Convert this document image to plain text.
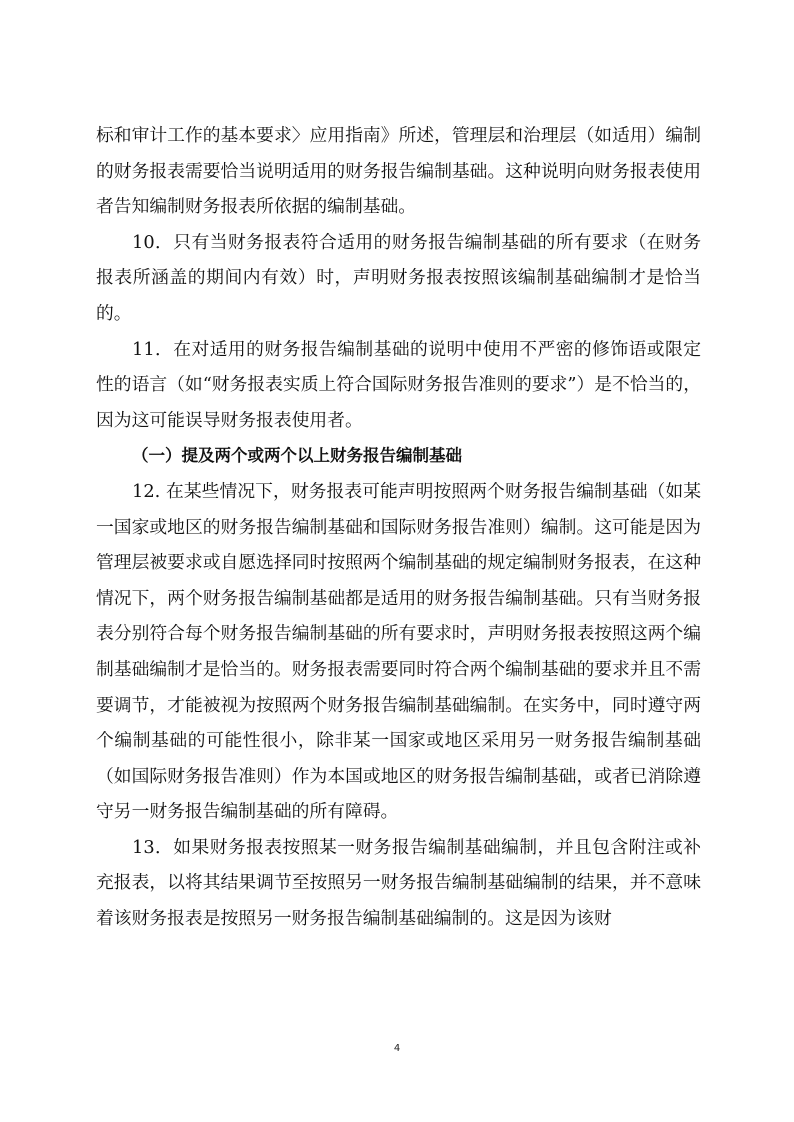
标和审计工作的基本要求〉应用指南》所述，管理层和治理层（如适用）编制的财务报表需要恰当说明适用的财务报告编制基础。这种说明向财务报表使用者告知编制财务报表所依据的编制基础。

10．只有当财务报表符合适用的财务报告编制基础的所有要求（在财务报表所涵盖的期间内有效）时，声明财务报表按照该编制基础编制才是恰当的。

11．在对适用的财务报告编制基础的说明中使用不严密的修饰语或限定性的语言（如“财务报表实质上符合国际财务报告准则的要求”）是不恰当的，因为这可能误导财务报表使用者。

（一）提及两个或两个以上财务报告编制基础

12. 在某些情况下，财务报表可能声明按照两个财务报告编制基础（如某一国家或地区的财务报告编制基础和国际财务报告准则）编制。这可能是因为管理层被要求或自愿选择同时按照两个编制基础的规定编制财务报表，在这种情况下，两个财务报告编制基础都是适用的财务报告编制基础。只有当财务报表分别符合每个财务报告编制基础的所有要求时，声明财务报表按照这两个编制基础编制才是恰当的。财务报表需要同时符合两个编制基础的要求并且不需要调节，才能被视为按照两个财务报告编制基础编制。在实务中，同时遵守两个编制基础的可能性很小，除非某一国家或地区采用另一财务报告编制基础（如国际财务报告准则）作为本国或地区的财务报告编制基础，或者已消除遵守另一财务报告编制基础的所有障碍。

13．如果财务报表按照某一财务报告编制基础编制，并且包含附注或补充报表，以将其结果调节至按照另一财务报告编制基础编制的结果，并不意味着该财务报表是按照另一财务报告编制基础编制的。这是因为该财

4
